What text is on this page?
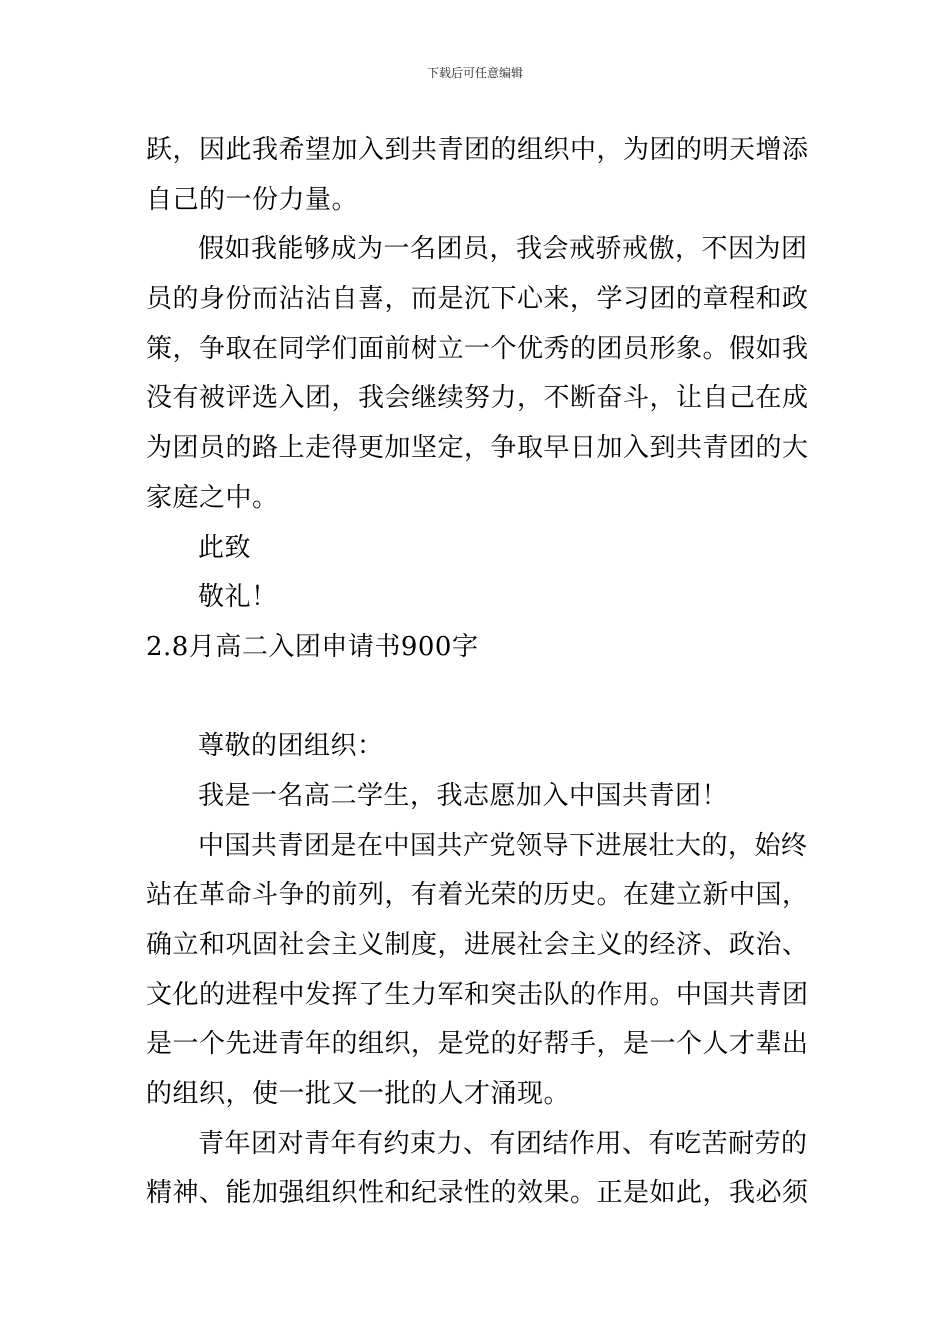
下载后可任意编辑
跃，因此我希望加入到共青团的组织中，为团的明天增添
自己的一份力量。
假如我能够成为一名团员，我会戒骄戒傲，不因为团
员的身份而沾沾自喜，而是沉下心来，学习团的章程和政
策，争取在同学们面前树立一个优秀的团员形象。假如我
没有被评选入团，我会继续努力，不断奋斗，让自己在成
为团员的路上走得更加坚定，争取早日加入到共青团的大
家庭之中。
此致
敬礼！
2.8月高二入团申请书900字
尊敬的团组织：
我是一名高二学生，我志愿加入中国共青团！
中国共青团是在中国共产党领导下进展壮大的，始终
站在革命斗争的前列，有着光荣的历史。在建立新中国，
确立和巩固社会主义制度，进展社会主义的经济、政治、
文化的进程中发挥了生力军和突击队的作用。中国共青团
是一个先进青年的组织，是党的好帮手，是一个人才辈出
的组织，使一批又一批的人才涌现。
青年团对青年有约束力、有团结作用、有吃苦耐劳的
精神、能加强组织性和纪录性的效果。正是如此，我必须
